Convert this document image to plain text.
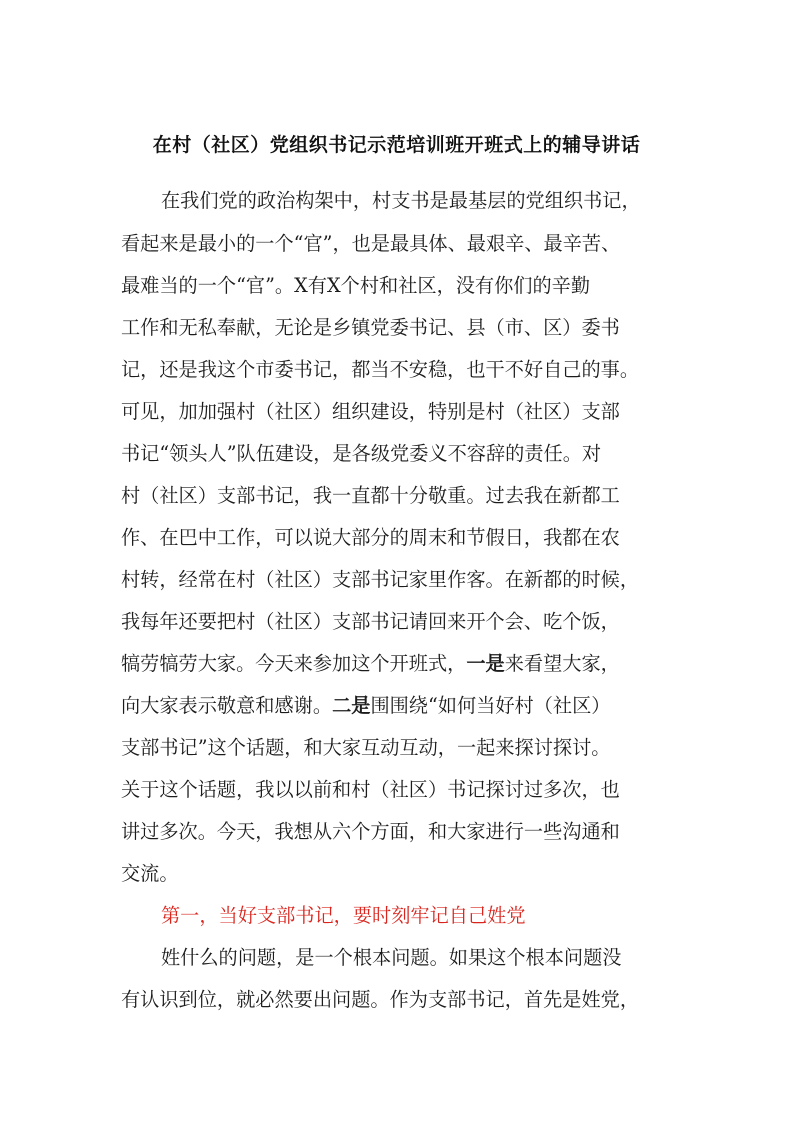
在村（社区）党组织书记示范培训班开班式上的辅导讲话
在我们党的政治构架中，村支书是最基层的党组织书记，
看起来是最小的一个“官”，也是最具体、最艰辛、最辛苦、
最难当的一个“官”。X有X个村和社区，没有你们的辛勤
工作和无私奉献，无论是乡镇党委书记、县（市、区）委书
记，还是我这个市委书记，都当不安稳，也干不好自己的事。
可见，加加强村（社区）组织建设，特别是村（社区）支部
书记“领头人”队伍建设，是各级党委义不容辞的责任。对
村（社区）支部书记，我一直都十分敬重。过去我在新都工
作、在巴中工作，可以说大部分的周末和节假日，我都在农
村转，经常在村（社区）支部书记家里作客。在新都的时候，
我每年还要把村（社区）支部书记请回来开个会、吃个饭，
犒劳犒劳大家。今天来参加这个开班式，一是来看望大家，
向大家表示敬意和感谢。二是围围绕“如何当好村（社区）
支部书记”这个话题，和大家互动互动，一起来探讨探讨。
关于这个话题，我以以前和村（社区）书记探讨过多次，也
讲过多次。今天，我想从六个方面，和大家进行一些沟通和
交流。
第一，当好支部书记，要时刻牢记自己姓党
姓什么的问题，是一个根本问题。如果这个根本问题没
有认识到位，就必然要出问题。作为支部书记，首先是姓党，
